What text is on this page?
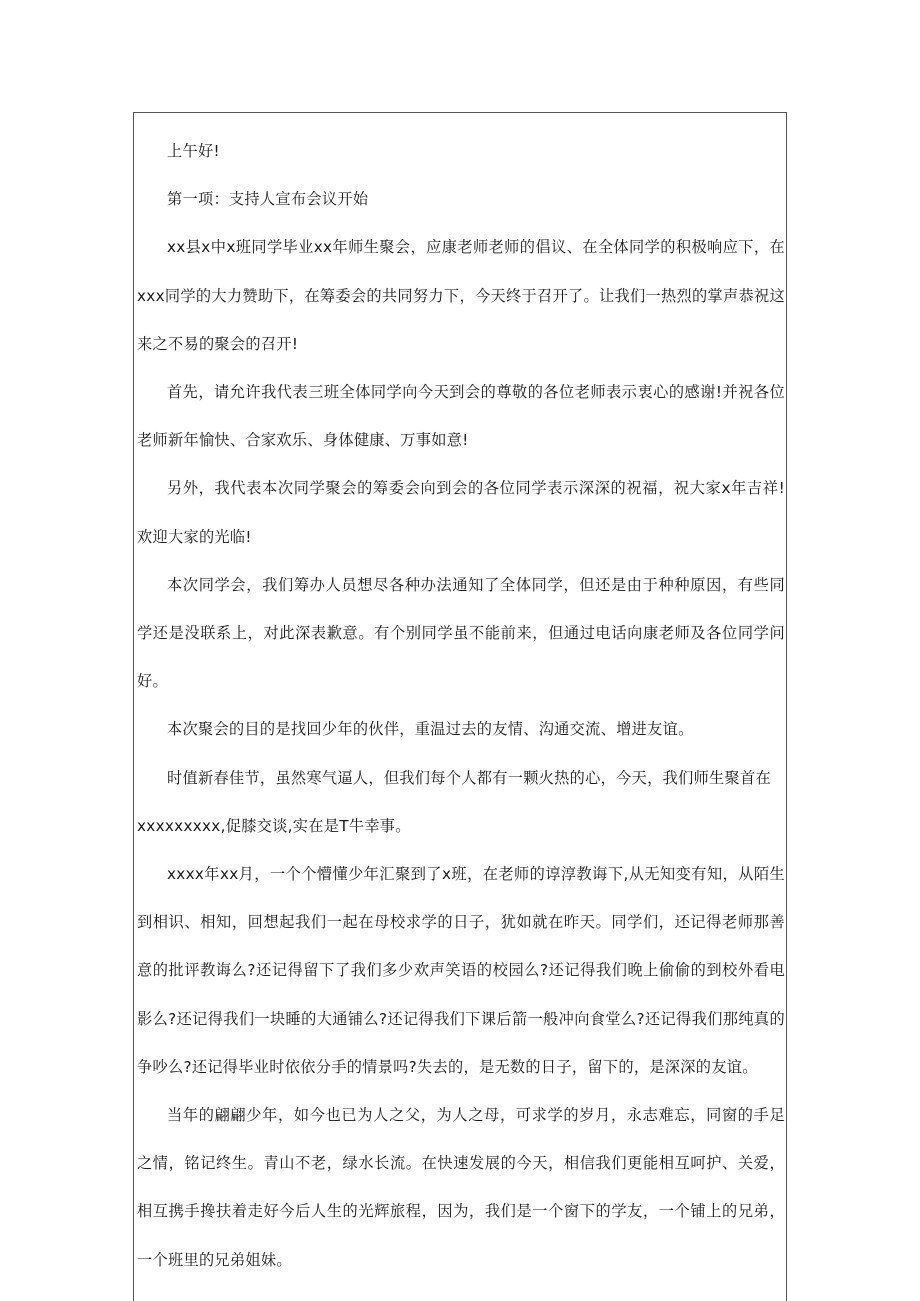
上午好!

第一项：支持人宣布会议开始

xx县x中x班同学毕业xx年师生聚会，应康老师老师的倡议、在全体同学的积极响应下，在xxx同学的大力赞助下，在筹委会的共同努力下，今天终于召开了。让我们一热烈的掌声恭祝这来之不易的聚会的召开!

首先，请允许我代表三班全体同学向今天到会的尊敬的各位老师表示衷心的感谢!并祝各位老师新年愉快、合家欢乐、身体健康、万事如意!

另外，我代表本次同学聚会的筹委会向到会的各位同学表示深深的祝福，祝大家x年吉祥!欢迎大家的光临!

本次同学会，我们筹办人员想尽各种办法通知了全体同学，但还是由于种种原因，有些同学还是没联系上，对此深表歉意。有个别同学虽不能前来，但通过电话向康老师及各位同学问好。

本次聚会的目的是找回少年的伙伴，重温过去的友情、沟通交流、增进友谊。

时值新春佳节，虽然寒气逼人，但我们每个人都有一颗火热的心，今天，我们师生聚首在

xxxxxxxxx,促膝交谈,实在是T牛幸事。

xxxx年xx月，一个个懵懂少年汇聚到了x班，在老师的谆淳教诲下,从无知变有知，从陌生到相识、相知，回想起我们一起在母校求学的日子，犹如就在昨天。同学们，还记得老师那善意的批评教诲么?还记得留下了我们多少欢声笑语的校园么?还记得我们晚上偷偷的到校外看电影么?还记得我们一块睡的大通铺么?还记得我们下课后箭一般冲向食堂么?还记得我们那纯真的争吵么?还记得毕业时依依分手的情景吗?失去的，是无数的日子，留下的，是深深的友谊。

当年的翩翩少年，如今也已为人之父，为人之母，可求学的岁月，永志难忘，同窗的手足之情，铭记终生。青山不老，绿水长流。在快速发展的今天，相信我们更能相互呵护、关爱，相互携手搀扶着走好今后人生的光辉旅程，因为，我们是一个窗下的学友，一个铺上的兄弟，一个班里的兄弟姐妹。
